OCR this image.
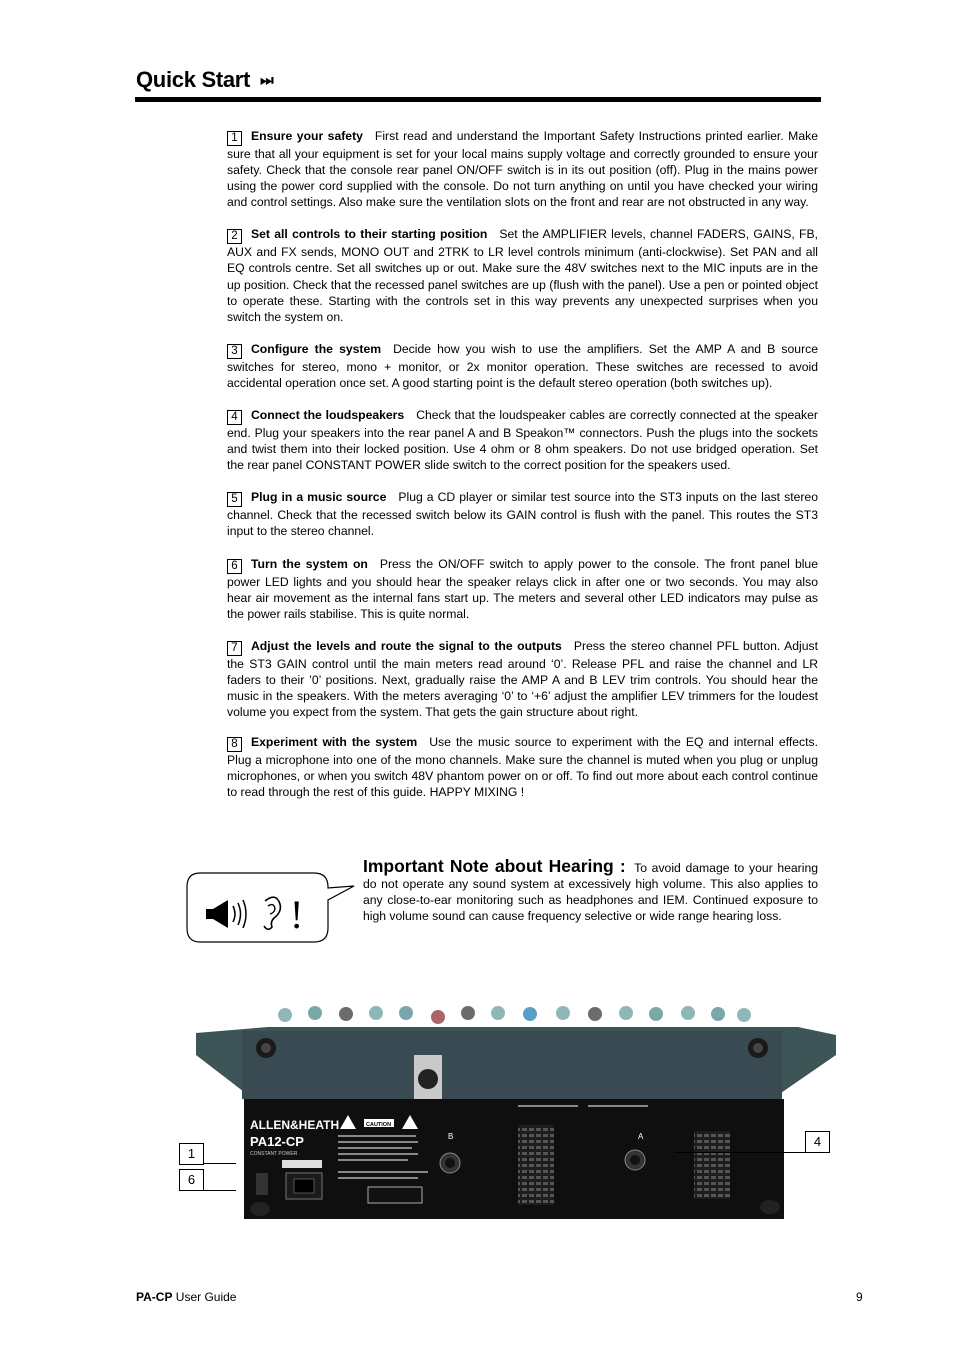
Quick Start ⏭

1 Ensure your safety First read and understand the Important Safety Instructions printed earlier. Make sure that all your equipment is set for your local mains supply voltage and correctly grounded to ensure your safety. Check that the console rear panel ON/OFF switch is in its out position (off). Plug in the mains power using the power cord supplied with the console. Do not turn anything on until you have checked your wiring and control settings. Also make sure the ventilation slots on the front and rear are not obstructed in any way.

2 Set all controls to their starting position Set the AMPLIFIER levels, channel FADERS, GAINS, FB, AUX and FX sends, MONO OUT and 2TRK to LR level controls minimum (anti-clockwise). Set PAN and all EQ controls centre. Set all switches up or out. Make sure the 48V switches next to the MIC inputs are in the up position. Check that the recessed panel switches are up (flush with the panel). Use a pen or pointed object to operate these. Starting with the controls set in this way prevents any unexpected surprises when you switch the system on.

3 Configure the system Decide how you wish to use the amplifiers. Set the AMP A and B source switches for stereo, mono + monitor, or 2x monitor operation. These switches are recessed to avoid accidental operation once set. A good starting point is the default stereo operation (both switches up).

4 Connect the loudspeakers Check that the loudspeaker cables are correctly connected at the speaker end. Plug your speakers into the rear panel A and B Speakon™ connectors. Push the plugs into the sockets and twist them into their locked position. Use 4 ohm or 8 ohm speakers. Do not use bridged operation. Set the rear panel CONSTANT POWER slide switch to the correct position for the speakers used.

5 Plug in a music source Plug a CD player or similar test source into the ST3 inputs on the last stereo channel. Check that the recessed switch below its GAIN control is flush with the panel. This routes the ST3 input to the stereo channel.

6 Turn the system on Press the ON/OFF switch to apply power to the console. The front panel blue power LED lights and you should hear the speaker relays click in after one or two seconds. You may also hear air movement as the internal fans start up. The meters and several other LED indicators may pulse as the power rails stabilise. This is quite normal.

7 Adjust the levels and route the signal to the outputs Press the stereo channel PFL button. Adjust the ST3 GAIN control until the main meters read around ‘0’. Release PFL and raise the channel and LR faders to their ’0’ positions. Next, gradually raise the AMP A and B LEV trim controls. You should hear the music in the speakers. With the meters averaging ‘0’ to ‘+6’ adjust the amplifier LEV trimmers for the loudest volume you expect from the system. That gets the gain structure about right.

8 Experiment with the system Use the music source to experiment with the EQ and internal effects. Plug a microphone into one of the mono channels. Make sure the channel is muted when you plug or unplug microphones, or when you switch 48V phantom power on or off. To find out more about each control continue to read through the rest of this guide. HAPPY MIXING !

!
Important Note about Hearing : To avoid damage to your hearing do not operate any sound system at excessively high volume. This also applies to any close-to-ear monitoring such as headphones and IEM. Continued exposure to high volume sound can cause frequency selective or wide range hearing loss.
ALLEN&HEATH
PA12-CP
CONSTANT POWER
CAUTION
B	A
1
6
4
PA-CP User Guide	9
